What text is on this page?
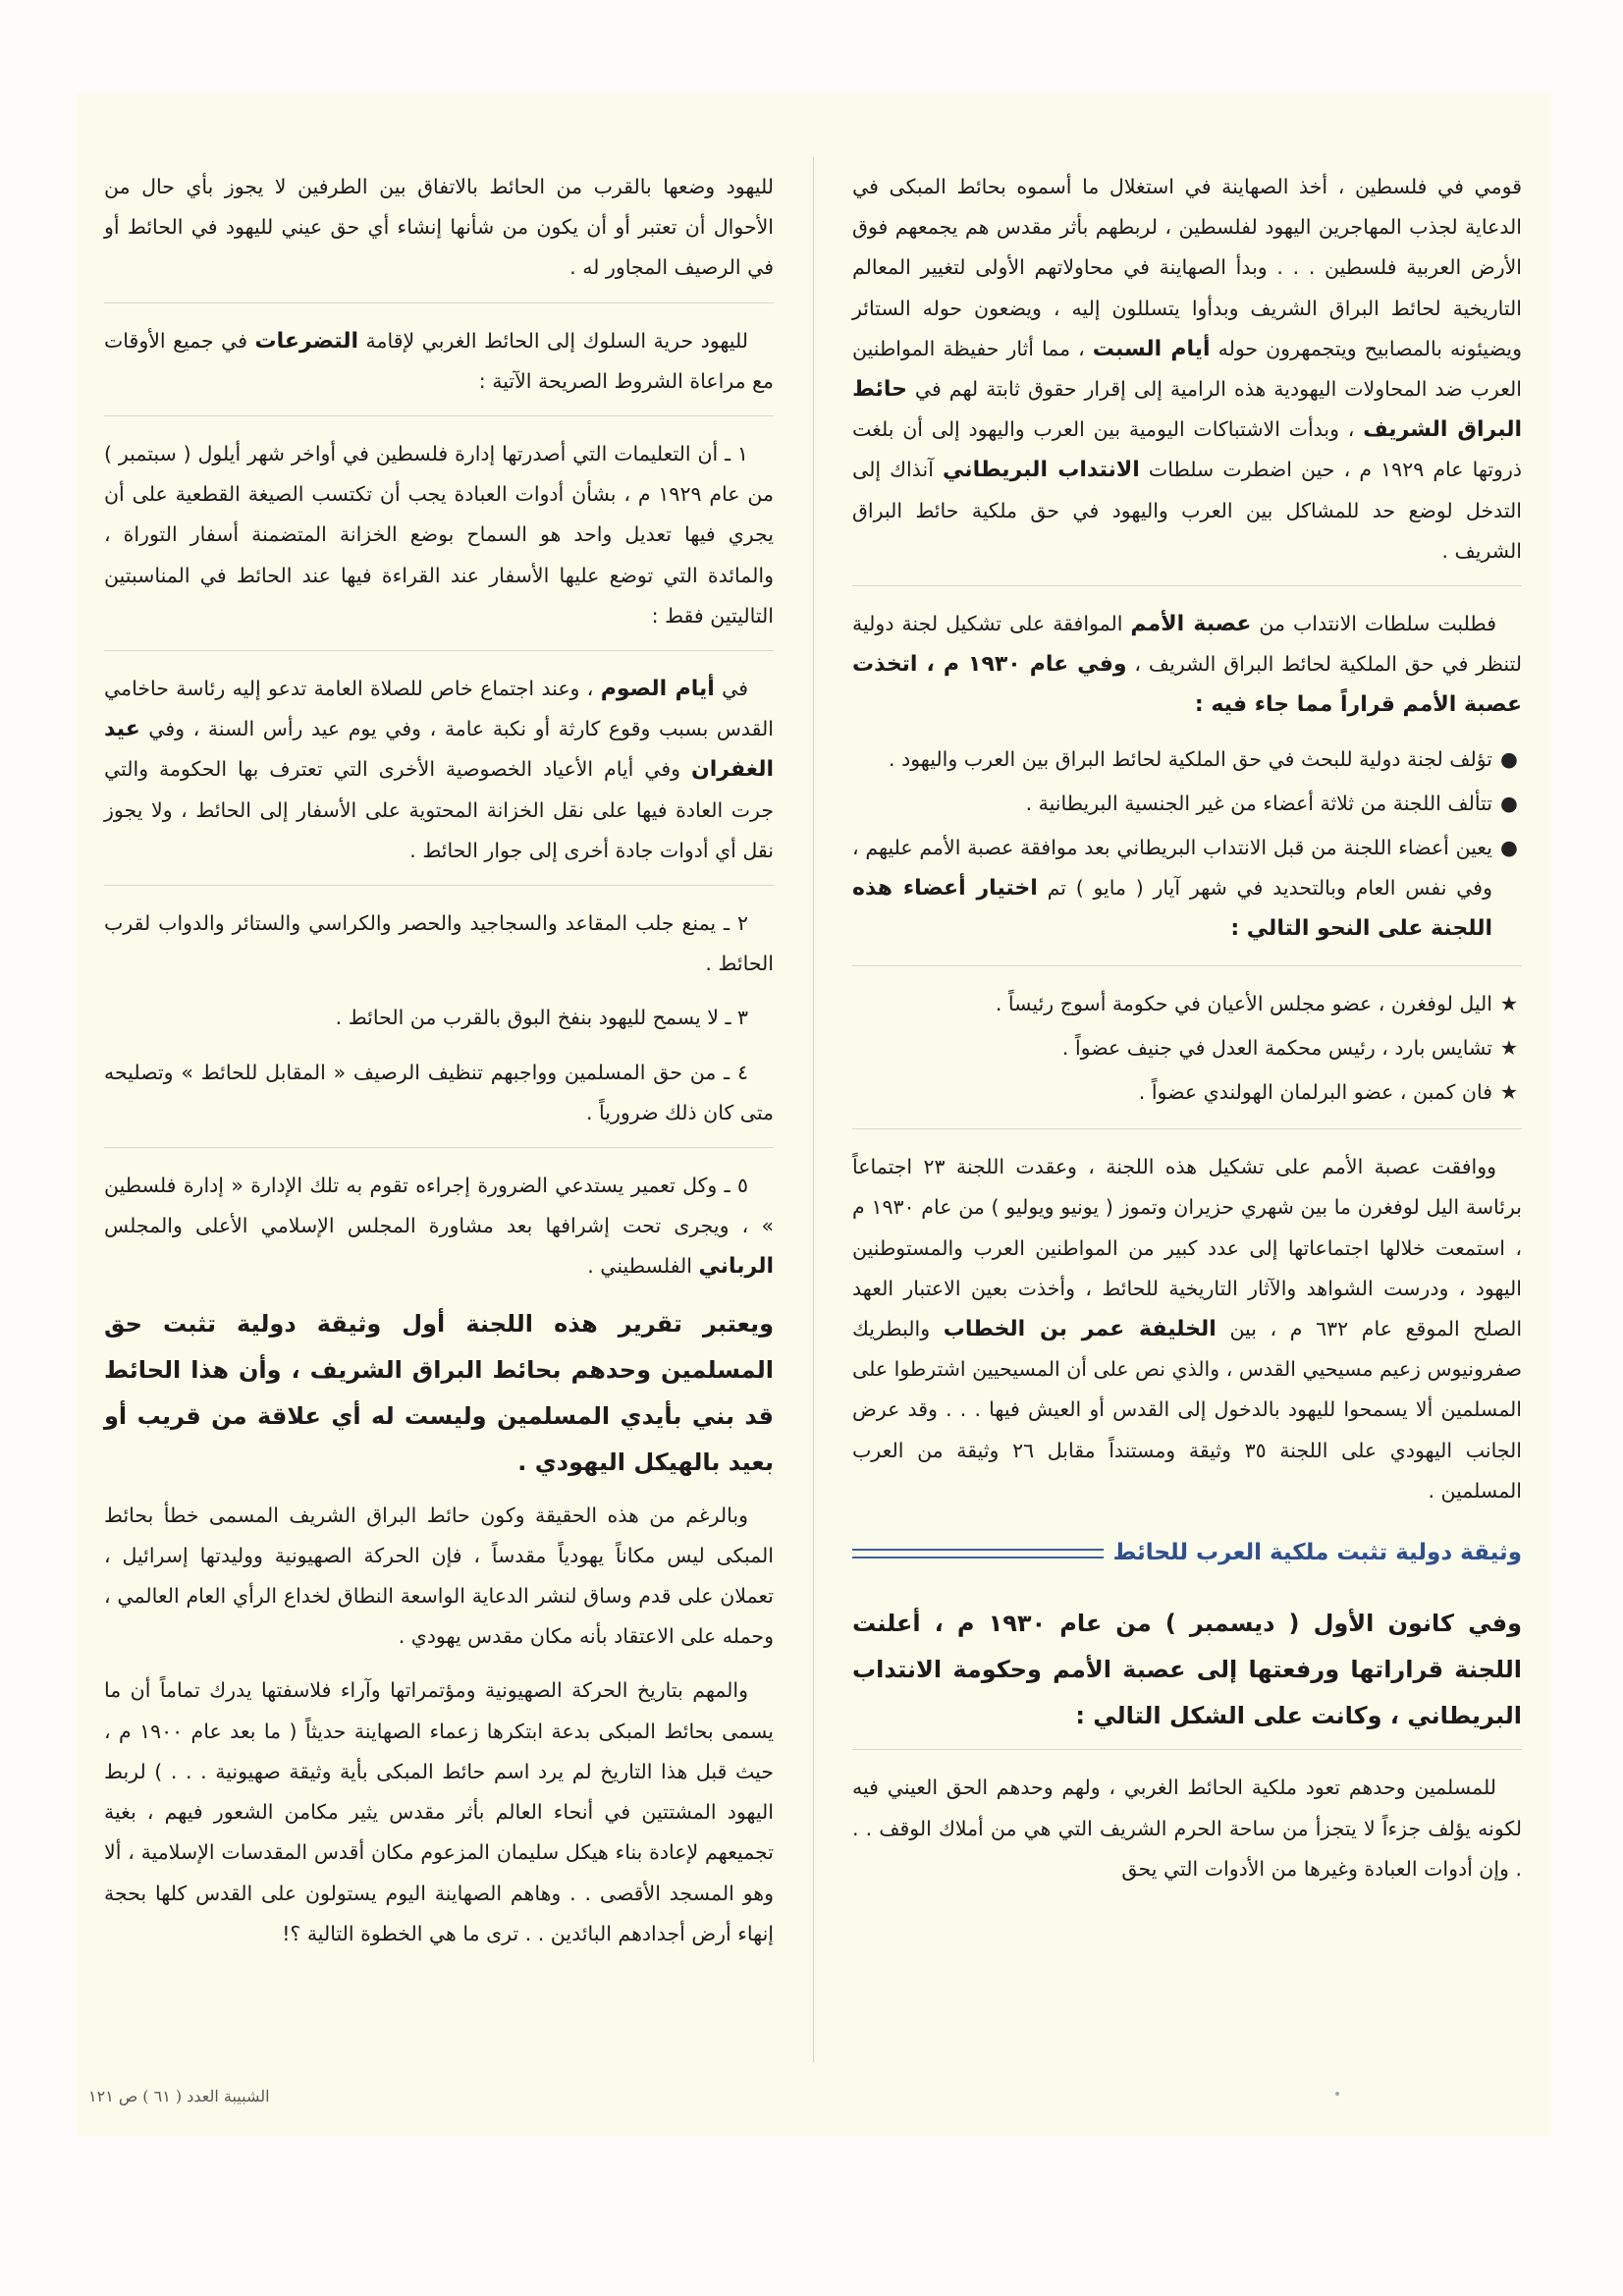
قومي في فلسطين ، أخذ الصهاينة في استغلال ما أسموه بحائط المبكى في الدعاية لجذب المهاجرين اليهود لفلسطين ، لربطهم بأثر مقدس هم يجمعهم فوق الأرض العربية فلسطين . . . وبدأ الصهاينة في محاولاتهم الأولى لتغيير المعالم التاريخية لحائط البراق الشريف وبدأوا يتسللون إليه ، ويضعون حوله الستائر ويضيئونه بالمصابيح ويتجمهرون حوله أيام السبت ، مما أثار حفيظة المواطنين العرب ضد المحاولات اليهودية هذه الرامية إلى إقرار حقوق ثابتة لهم في حائط البراق الشريف ، وبدأت الاشتباكات اليومية بين العرب واليهود إلى أن بلغت ذروتها عام ١٩٢٩ م ، حين اضطرت سلطات الانتداب البريطاني آنذاك إلى التدخل لوضع حد للمشاكل بين العرب واليهود في حق ملكية حائط البراق الشريف .

فطلبت سلطات الانتداب من عصبة الأمم الموافقة على تشكيل لجنة دولية لتنظر في حق الملكية لحائط البراق الشريف ، وفي عام ١٩٣٠ م ، اتخذت عصبة الأمم قراراً مما جاء فيه :

●
تؤلف لجنة دولية للبحث في حق الملكية لحائط البراق بين العرب واليهود .
●
تتألف اللجنة من ثلاثة أعضاء من غير الجنسية البريطانية .
●
يعين أعضاء اللجنة من قبل الانتداب البريطاني بعد موافقة عصبة الأمم عليهم ، وفي نفس العام وبالتحديد في شهر آيار ( مايو ) تم اختيار أعضاء هذه اللجنة على النحو التالي :
★
اليل لوفغرن ، عضو مجلس الأعيان في حكومة أسوج رئيساً .
★
تشايس بارد ، رئيس محكمة العدل في جنيف عضواً .
★
فان كمبن ، عضو البرلمان الهولندي عضواً .

ووافقت عصبة الأمم على تشكيل هذه اللجنة ، وعقدت اللجنة ٢٣ اجتماعاً برئاسة اليل لوفغرن ما بين شهري حزيران وتموز ( يونيو ويوليو ) من عام ١٩٣٠ م ، استمعت خلالها اجتماعاتها إلى عدد كبير من المواطنين العرب والمستوطنين اليهود ، ودرست الشواهد والآثار التاريخية للحائط ، وأخذت بعين الاعتبار العهد الصلح الموقع عام ٦٣٢ م ، بين الخليفة عمر بن الخطاب والبطريك صفرونيوس زعيم مسيحيي القدس ، والذي نص على أن المسيحيين اشترطوا على المسلمين ألا يسمحوا لليهود بالدخول إلى القدس أو العيش فيها . . . وقد عرض الجانب اليهودي على اللجنة ٣٥ وثيقة ومستنداً مقابل ٢٦ وثيقة من العرب المسلمين .

وثيقة دولية تثبت ملكية العرب للحائط

وفي كانون الأول ( ديسمبر ) من عام ١٩٣٠ م ، أعلنت اللجنة قراراتها ورفعتها إلى عصبة الأمم وحكومة الانتداب البريطاني ، وكانت على الشكل التالي :

للمسلمين وحدهم تعود ملكية الحائط الغربي ، ولهم وحدهم الحق العيني فيه لكونه يؤلف جزءاً لا يتجزأ من ساحة الحرم الشريف التي هي من أملاك الوقف . . . وإن أدوات العبادة وغيرها من الأدوات التي يحق

لليهود وضعها بالقرب من الحائط بالاتفاق بين الطرفين لا يجوز بأي حال من الأحوال أن تعتبر أو أن يكون من شأنها إنشاء أي حق عيني لليهود في الحائط أو في الرصيف المجاور له .

لليهود حرية السلوك إلى الحائط الغربي لإقامة التضرعات في جميع الأوقات مع مراعاة الشروط الصريحة الآتية :

١ ـ أن التعليمات التي أصدرتها إدارة فلسطين في أواخر شهر أيلول ( سبتمبر ) من عام ١٩٢٩ م ، بشأن أدوات العبادة يجب أن تكتسب الصيغة القطعية على أن يجري فيها تعديل واحد هو السماح بوضع الخزانة المتضمنة أسفار التوراة ، والمائدة التي توضع عليها الأسفار عند القراءة فيها عند الحائط في المناسبتين التاليتين فقط :

في أيام الصوم ، وعند اجتماع خاص للصلاة العامة تدعو إليه رئاسة حاخامي القدس بسبب وقوع كارثة أو نكبة عامة ، وفي يوم عيد رأس السنة ، وفي عيد الغفران وفي أيام الأعياد الخصوصية الأخرى التي تعترف بها الحكومة والتي جرت العادة فيها على نقل الخزانة المحتوية على الأسفار إلى الحائط ، ولا يجوز نقل أي أدوات جادة أخرى إلى جوار الحائط .

٢ ـ يمنع جلب المقاعد والسجاجيد والحصر والكراسي والستائر والدواب لقرب الحائط .

٣ ـ لا يسمح لليهود بنفخ البوق بالقرب من الحائط .

٤ ـ من حق المسلمين وواجبهم تنظيف الرصيف « المقابل للحائط » وتصليحه متى كان ذلك ضرورياً .

٥ ـ وكل تعمير يستدعي الضرورة إجراءه تقوم به تلك الإدارة « إدارة فلسطين » ، ويجرى تحت إشرافها بعد مشاورة المجلس الإسلامي الأعلى والمجلس الرباني الفلسطيني .

ويعتبر تقرير هذه اللجنة أول وثيقة دولية تثبت حق المسلمين وحدهم بحائط البراق الشريف ، وأن هذا الحائط قد بني بأيدي المسلمين وليست له أي علاقة من قريب أو بعيد بالهيكل اليهودي .

وبالرغم من هذه الحقيقة وكون حائط البراق الشريف المسمى خطأ بحائط المبكى ليس مكاناً يهودياً مقدساً ، فإن الحركة الصهيونية ووليدتها إسرائيل ، تعملان على قدم وساق لنشر الدعاية الواسعة النطاق لخداع الرأي العام العالمي ، وحمله على الاعتقاد بأنه مكان مقدس يهودي .

والمهم بتاريخ الحركة الصهيونية ومؤتمراتها وآراء فلاسفتها يدرك تماماً أن ما يسمى بحائط المبكى بدعة ابتكرها زعماء الصهاينة حديثاً ( ما بعد عام ١٩٠٠ م ، حيث قبل هذا التاريخ لم يرد اسم حائط المبكى بأية وثيقة صهيونية . . . ) لربط اليهود المشتتين في أنحاء العالم بأثر مقدس يثير مكامن الشعور فيهم ، بغية تجميعهم لإعادة بناء هيكل سليمان المزعوم مكان أقدس المقدسات الإسلامية ، ألا وهو المسجد الأقصى . . وهاهم الصهاينة اليوم يستولون على القدس كلها بحجة إنهاء أرض أجدادهم البائدين . . ترى ما هي الخطوة التالية ؟!

الشبيبة العدد ( ٦١ ) ص ١٢١
